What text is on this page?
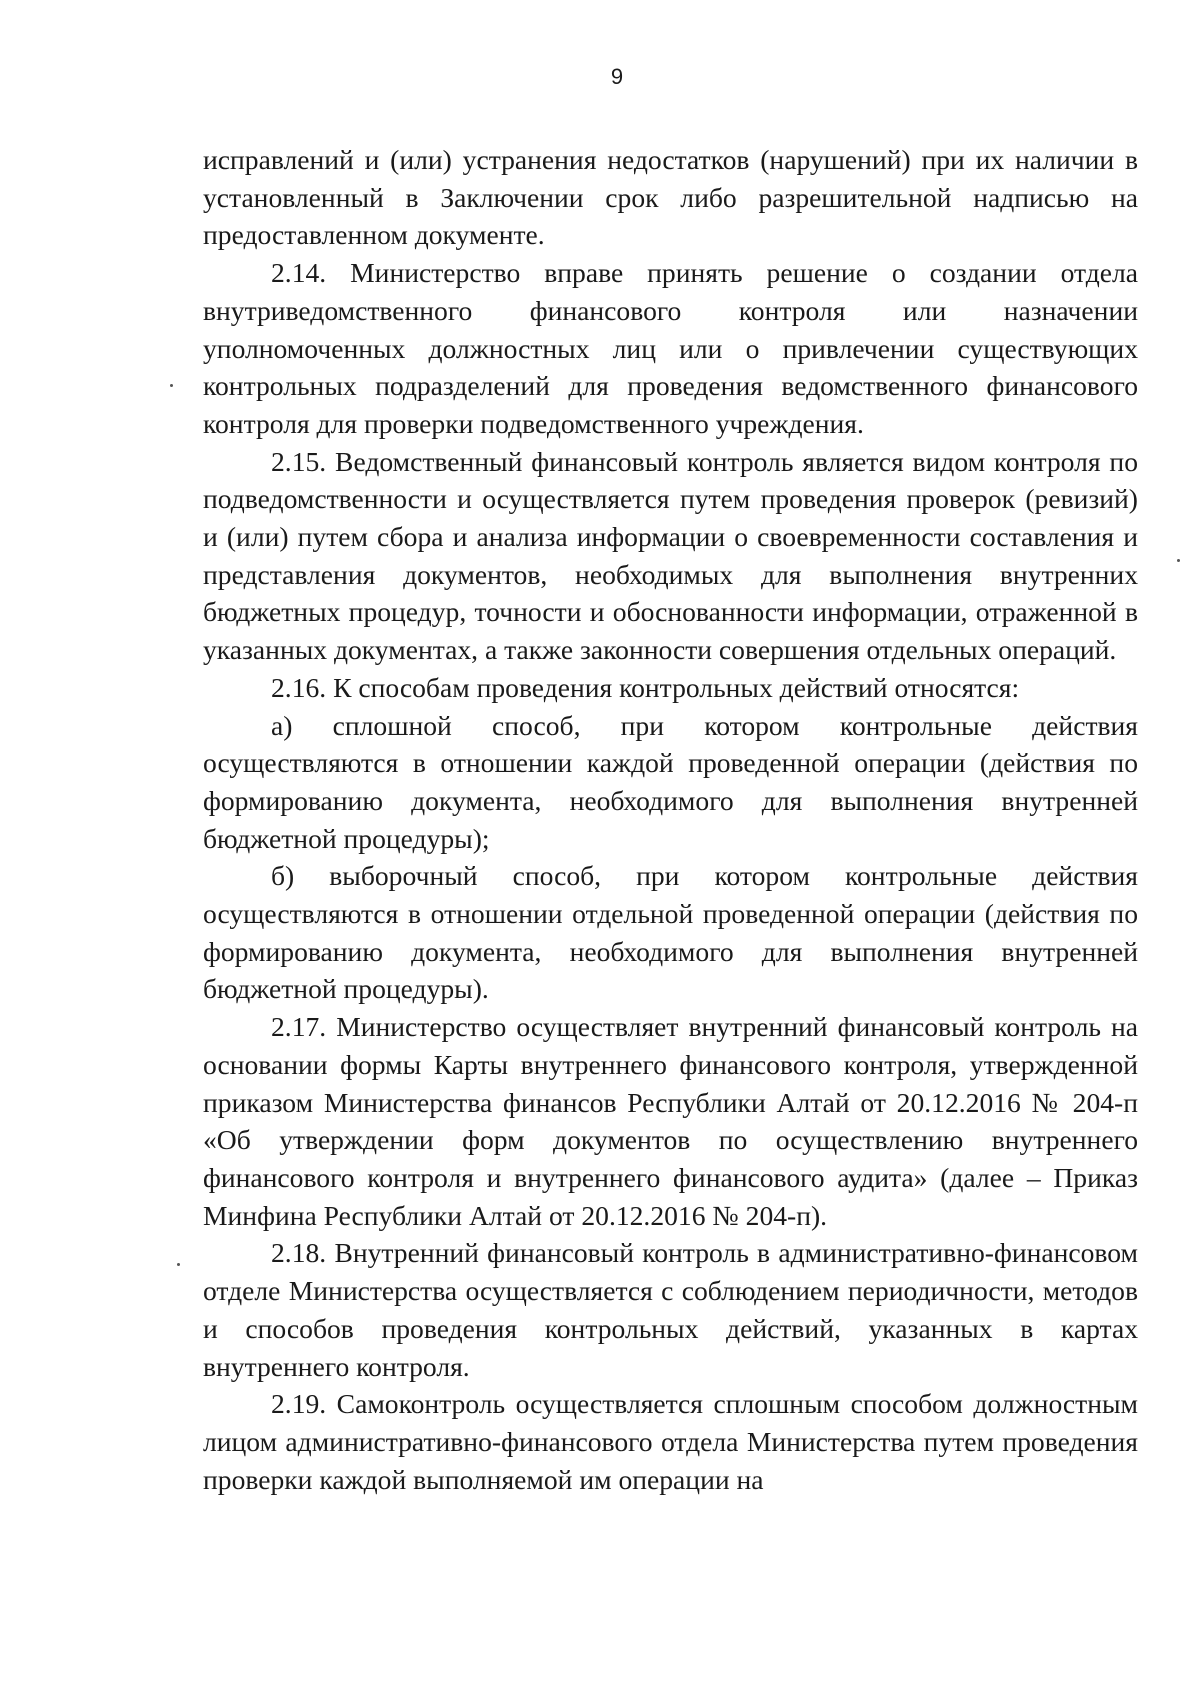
9

исправлений и (или) устранения недостатков (нарушений) при их наличии в установленный в Заключении срок либо разрешительной надписью на предоставленном документе.

2.14. Министерство вправе принять решение о создании отдела внутриведомственного финансового контроля или назначении уполномоченных должностных лиц или о привлечении существующих контрольных подразделений для проведения ведомственного финансового контроля для проверки подведомственного учреждения.

2.15. Ведомственный финансовый контроль является видом контроля по подведомственности и осуществляется путем проведения проверок (ревизий) и (или) путем сбора и анализа информации о своевременности составления и представления документов, необходимых для выполнения внутренних бюджетных процедур, точности и обоснованности информации, отраженной в указанных документах, а также законности совершения отдельных операций.

2.16. К способам проведения контрольных действий относятся:

а) сплошной способ, при котором контрольные действия осуществляются в отношении каждой проведенной операции (действия по формированию документа, необходимого для выполнения внутренней бюджетной процедуры);

б) выборочный способ, при котором контрольные действия осуществляются в отношении отдельной проведенной операции (действия по формированию документа, необходимого для выполнения внутренней бюджетной процедуры).

2.17. Министерство осуществляет внутренний финансовый контроль на основании формы Карты внутреннего финансового контроля, утвержденной приказом Министерства финансов Республики Алтай от 20.12.2016 № 204-п «Об утверждении форм документов по осуществлению внутреннего финансового контроля и внутреннего финансового аудита» (далее – Приказ Минфина Республики Алтай от 20.12.2016 № 204-п).

2.18. Внутренний финансовый контроль в административно-финансовом отделе Министерства осуществляется с соблюдением периодичности, методов и способов проведения контрольных действий, указанных в картах внутреннего контроля.

2.19. Самоконтроль осуществляется сплошным способом должностным лицом административно-финансового отдела Министерства путем проведения проверки каждой выполняемой им операции на
